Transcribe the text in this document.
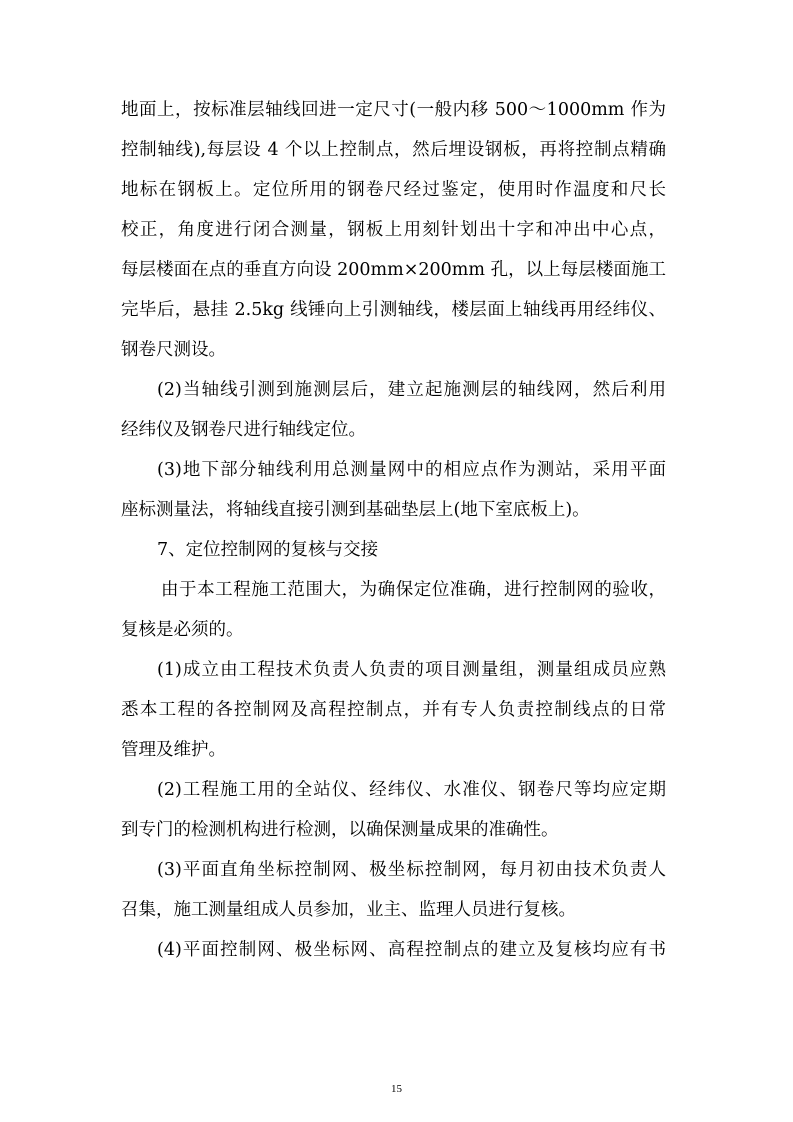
地面上，按标准层轴线回进一定尺寸(一般内移 500～1000mm 作为
控制轴线),每层设 4 个以上控制点，然后埋设钢板，再将控制点精确
地标在钢板上。定位所用的钢卷尺经过鉴定，使用时作温度和尺长
校正，角度进行闭合测量，钢板上用刻针划出十字和冲出中心点，
每层楼面在点的垂直方向设 200mm×200mm 孔，以上每层楼面施工
完毕后，悬挂 2.5kg 线锤向上引测轴线，楼层面上轴线再用经纬仪、
钢卷尺测设。
(2)当轴线引测到施测层后，建立起施测层的轴线网，然后利用
经纬仪及钢卷尺进行轴线定位。
(3)地下部分轴线利用总测量网中的相应点作为测站，采用平面
座标测量法，将轴线直接引测到基础垫层上(地下室底板上)。
7、定位控制网的复核与交接
由于本工程施工范围大，为确保定位准确，进行控制网的验收，
复核是必须的。
(1)成立由工程技术负责人负责的项目测量组，测量组成员应熟
悉本工程的各控制网及高程控制点，并有专人负责控制线点的日常
管理及维护。
(2)工程施工用的全站仪、经纬仪、水准仪、钢卷尺等均应定期
到专门的检测机构进行检测，以确保测量成果的准确性。
(3)平面直角坐标控制网、极坐标控制网，每月初由技术负责人
召集，施工测量组成人员参加，业主、监理人员进行复核。
(4)平面控制网、极坐标网、高程控制点的建立及复核均应有书
15
